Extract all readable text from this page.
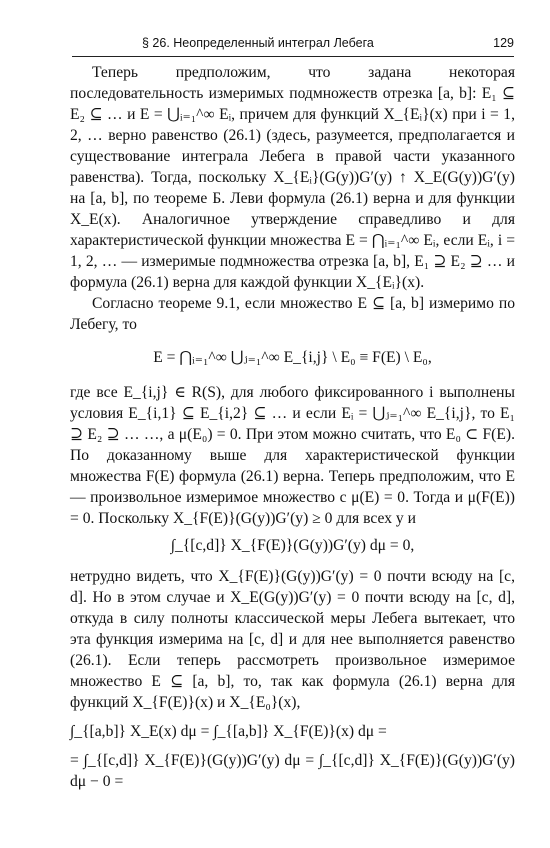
§ 26. Неопределенный интеграл Лебега	129

Теперь предположим, что задана некоторая последовательность измеримых подмножеств отрезка [a, b]: E₁ ⊆ E₂ ⊆ … и E = ⋃ᵢ₌₁^∞ Eᵢ, причем для функций X_{Eᵢ}(x) при i = 1, 2, … верно равенство (26.1) (здесь, разумеется, предполагается и существование интеграла Лебега в правой части указанного равенства). Тогда, поскольку X_{Eᵢ}(G(y))G′(y) ↑ X_E(G(y))G′(y) на [a, b], по теореме Б. Леви формула (26.1) верна и для функции X_E(x). Аналогичное утверждение справедливо и для характеристической функции множества E = ⋂ᵢ₌₁^∞ Eᵢ, если Eᵢ, i = 1, 2, … — измеримые подмножества отрезка [a, b], E₁ ⊇ E₂ ⊇ … и формула (26.1) верна для каждой функции X_{Eᵢ}(x).

Согласно теореме 9.1, если множество E ⊆ [a, b] измеримо по Лебегу, то

E = ⋂ᵢ₌₁^∞ ⋃ⱼ₌₁^∞ E_{i,j} \ E₀ ≡ F(E) \ E₀,

где все E_{i,j} ∈ R(S), для любого фиксированного i выполнены условия E_{i,1} ⊆ E_{i,2} ⊆ … и если Eᵢ = ⋃ⱼ₌₁^∞ E_{i,j}, то E₁ ⊇ E₂ ⊇ … …, а μ(E₀) = 0. При этом можно считать, что E₀ ⊂ F(E). По доказанному выше для характеристической функции множества F(E) формула (26.1) верна. Теперь предположим, что E — произвольное измеримое множество с μ(E) = 0. Тогда и μ(F(E)) = 0. Поскольку X_{F(E)}(G(y))G′(y) ≥ 0 для всех y и

∫_{[c,d]} X_{F(E)}(G(y))G′(y) dμ = 0,

нетрудно видеть, что X_{F(E)}(G(y))G′(y) = 0 почти всюду на [c, d]. Но в этом случае и X_E(G(y))G′(y) = 0 почти всюду на [c, d], откуда в силу полноты классической меры Лебега вытекает, что эта функция измерима на [c, d] и для нее выполняется равенство (26.1). Если теперь рассмотреть произвольное измеримое множество E ⊆ [a, b], то, так как формула (26.1) верна для функций X_{F(E)}(x) и X_{E₀}(x),

∫_{[a,b]} X_E(x) dμ = ∫_{[a,b]} X_{F(E)}(x) dμ =
= ∫_{[c,d]} X_{F(E)}(G(y))G′(y) dμ = ∫_{[c,d]} X_{F(E)}(G(y))G′(y) dμ − 0 =
